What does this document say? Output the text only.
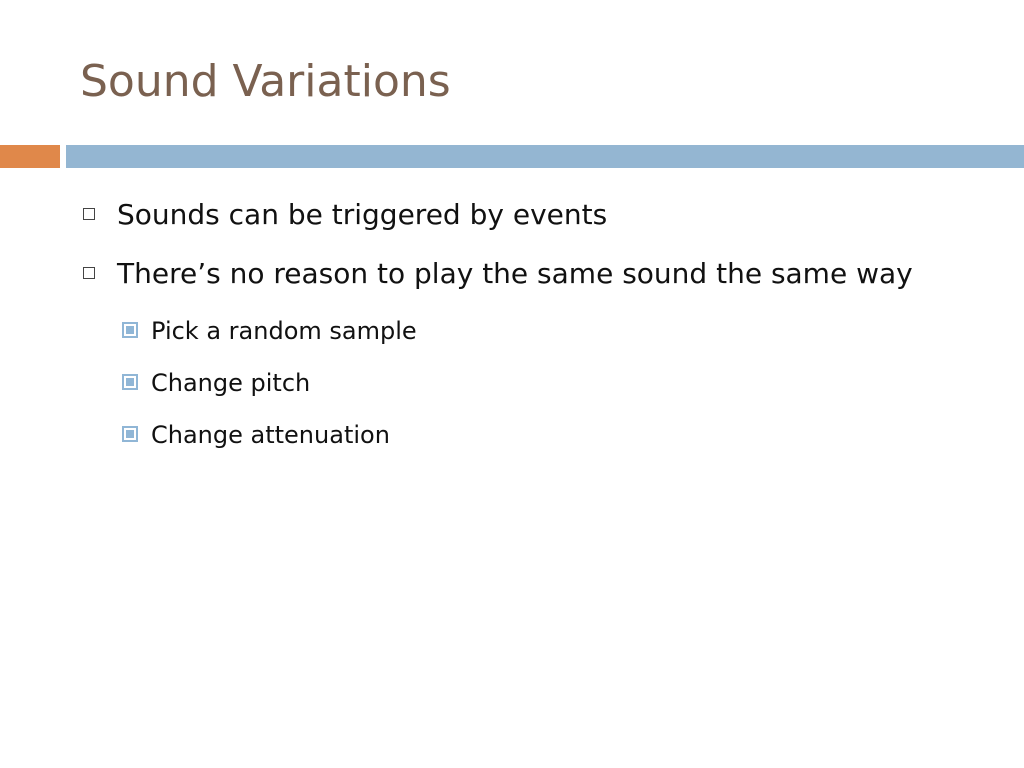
Sound Variations
Sounds can be triggered by events
There’s no reason to play the same sound the same way
Pick a random sample
Change pitch
Change attenuation
